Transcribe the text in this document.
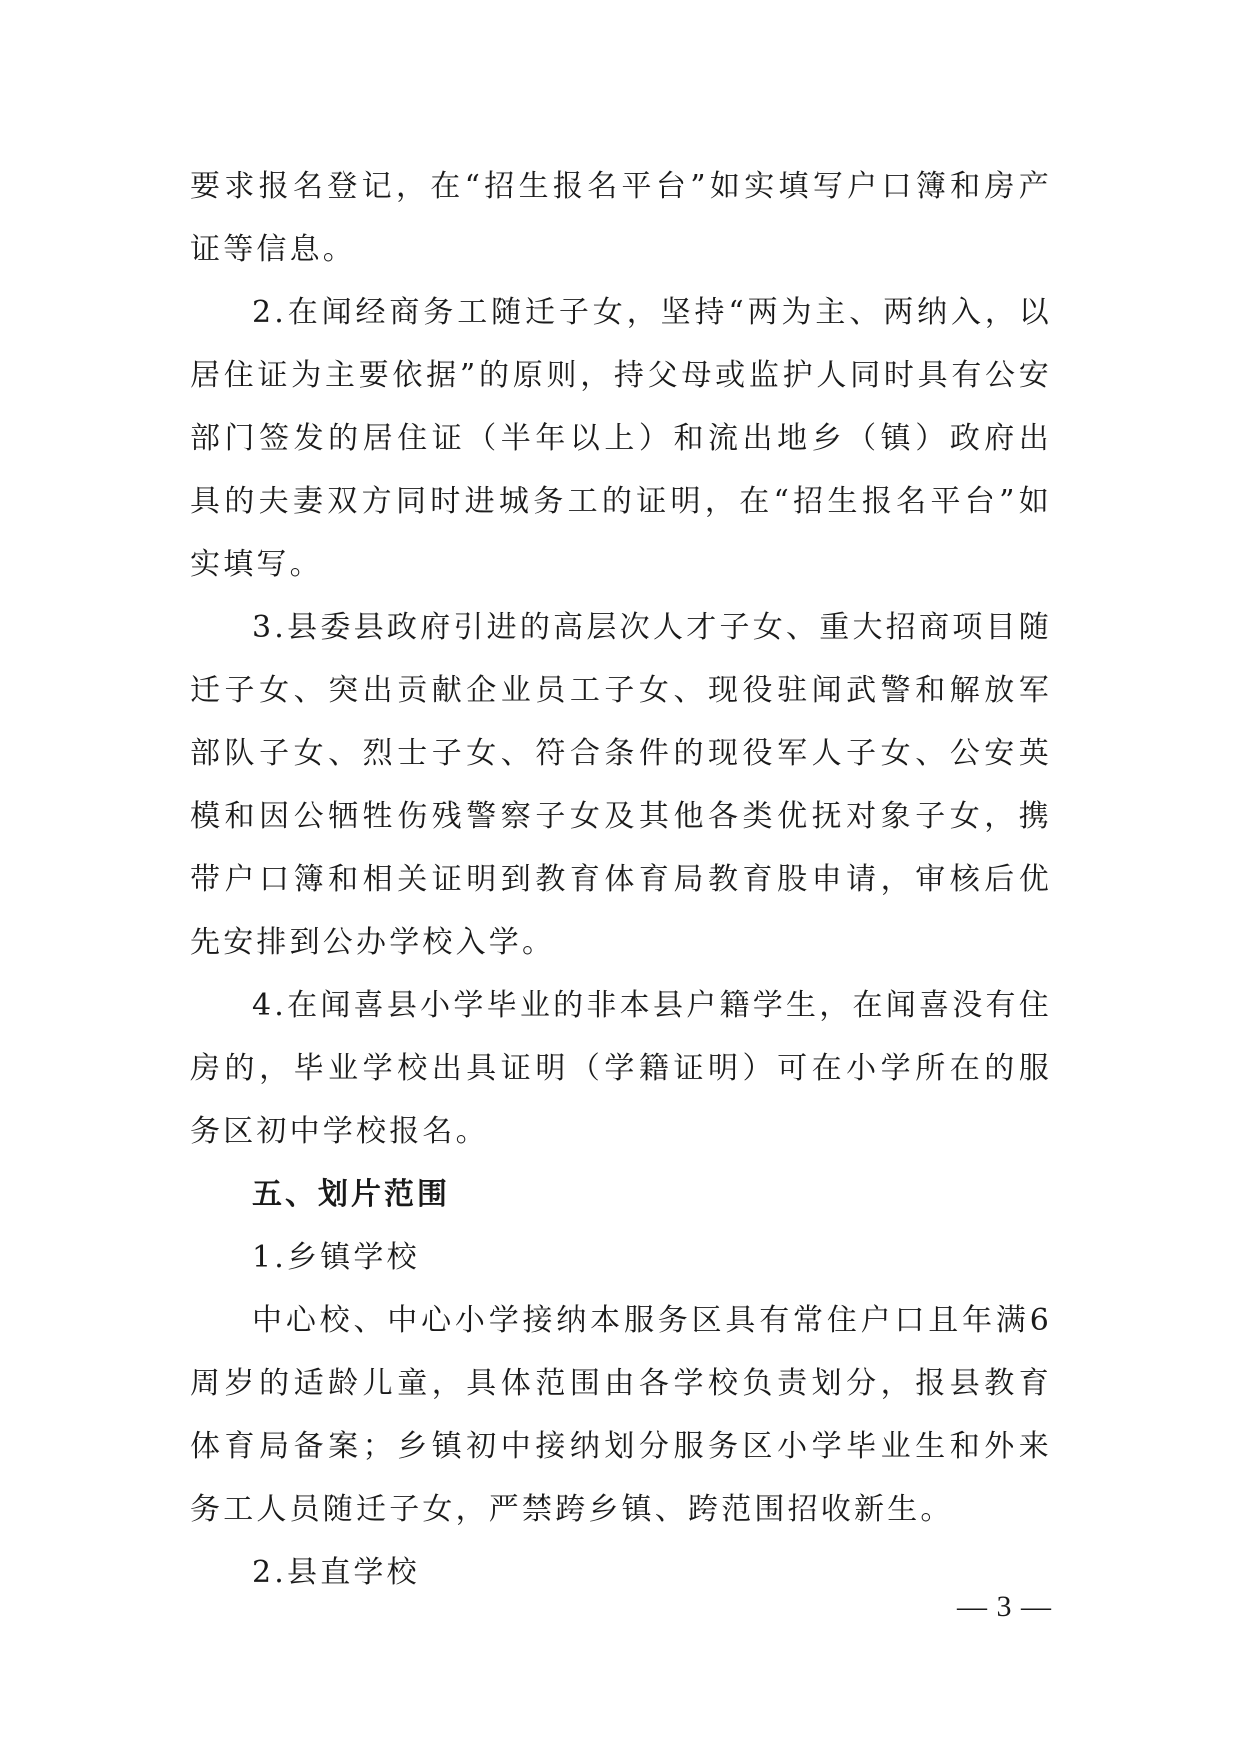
要求报名登记，在“招生报名平台”如实填写户口簿和房产证等信息。

2.在闻经商务工随迁子女，坚持“两为主、两纳入，以居住证为主要依据”的原则，持父母或监护人同时具有公安部门签发的居住证（半年以上）和流出地乡（镇）政府出具的夫妻双方同时进城务工的证明，在“招生报名平台”如实填写。

3.县委县政府引进的高层次人才子女、重大招商项目随迁子女、突出贡献企业员工子女、现役驻闻武警和解放军部队子女、烈士子女、符合条件的现役军人子女、公安英模和因公牺牲伤残警察子女及其他各类优抚对象子女，携带户口簿和相关证明到教育体育局教育股申请，审核后优先安排到公办学校入学。

4.在闻喜县小学毕业的非本县户籍学生，在闻喜没有住房的，毕业学校出具证明（学籍证明）可在小学所在的服务区初中学校报名。

五、划片范围

1.乡镇学校

中心校、中心小学接纳本服务区具有常住户口且年满6周岁的适龄儿童，具体范围由各学校负责划分，报县教育体育局备案；乡镇初中接纳划分服务区小学毕业生和外来务工人员随迁子女，严禁跨乡镇、跨范围招收新生。

2.县直学校

— 3 —
